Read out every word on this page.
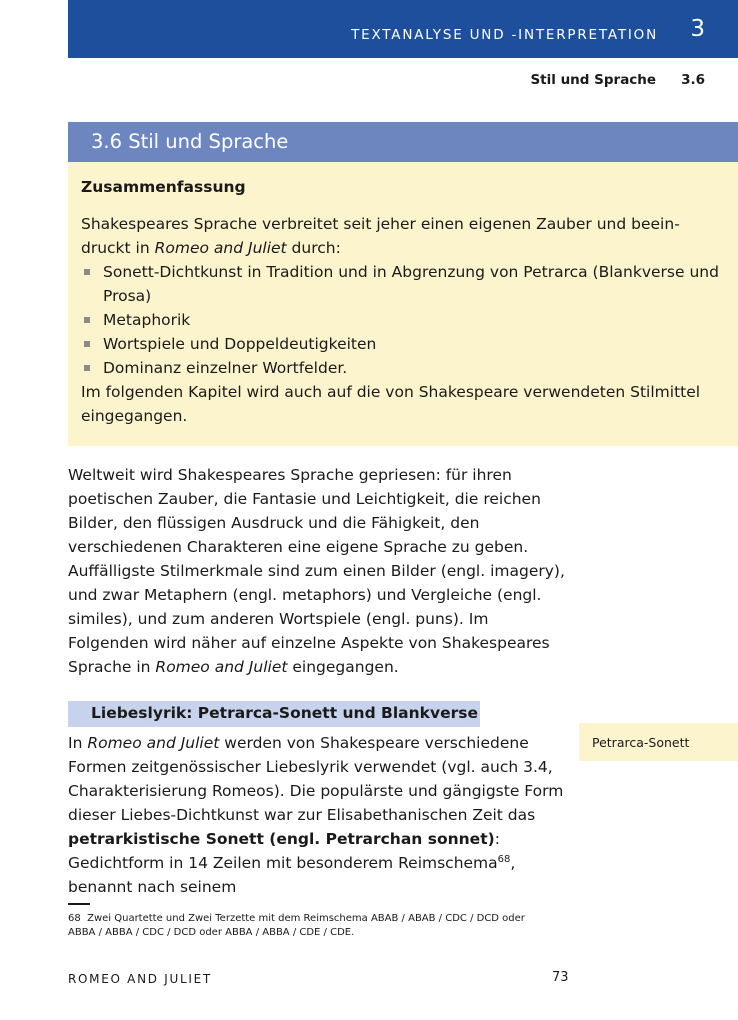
TEXTANALYSE UND -INTERPRETATION 3
Stil und Sprache 3.6
3.6 Stil und Sprache
Zusammenfassung

Shakespeares Sprache verbreitet seit jeher einen eigenen Zauber und beeindruckt in Romeo and Juliet durch:

Sonett-Dichtkunst in Tradition und in Abgrenzung von Petrarca (Blankverse und Prosa)
Metaphorik
Wortspiele und Doppeldeutigkeiten
Dominanz einzelner Wortfelder.

Im folgenden Kapitel wird auch auf die von Shakespeare verwendeten Stilmittel eingegangen.

Weltweit wird Shakespeares Sprache gepriesen: für ihren poetischen Zauber, die Fantasie und Leichtigkeit, die reichen Bilder, den flüssigen Ausdruck und die Fähigkeit, den verschiedenen Charakteren eine eigene Sprache zu geben. Auffälligste Stilmerkmale sind zum einen Bilder (engl. imagery), und zwar Metaphern (engl. metaphors) und Vergleiche (engl. similes), und zum anderen Wortspiele (engl. puns). Im Folgenden wird näher auf einzelne Aspekte von Shakespeares Sprache in Romeo and Juliet eingegangen.

Liebeslyrik: Petrarca-Sonett und Blankverse

In Romeo and Juliet werden von Shakespeare verschiedene Formen zeitgenössischer Liebeslyrik verwendet (vgl. auch 3.4, Charakterisierung Romeos). Die populärste und gängigste Form dieser Liebes-Dichtkunst war zur Elisabethanischen Zeit das petrarkistische Sonett (engl. Petrarchan sonnet): Gedichtform in 14 Zeilen mit besonderem Reimschema$^{68}$, benannt nach seinem

Petrarca-Sonett
68 Zwei Quartette und Zwei Terzette mit dem Reimschema ABAB / ABAB / CDC / DCD oder ABBA / ABBA / CDC / DCD oder ABBA / ABBA / CDE / CDE.
ROMEO AND JULIET	73
